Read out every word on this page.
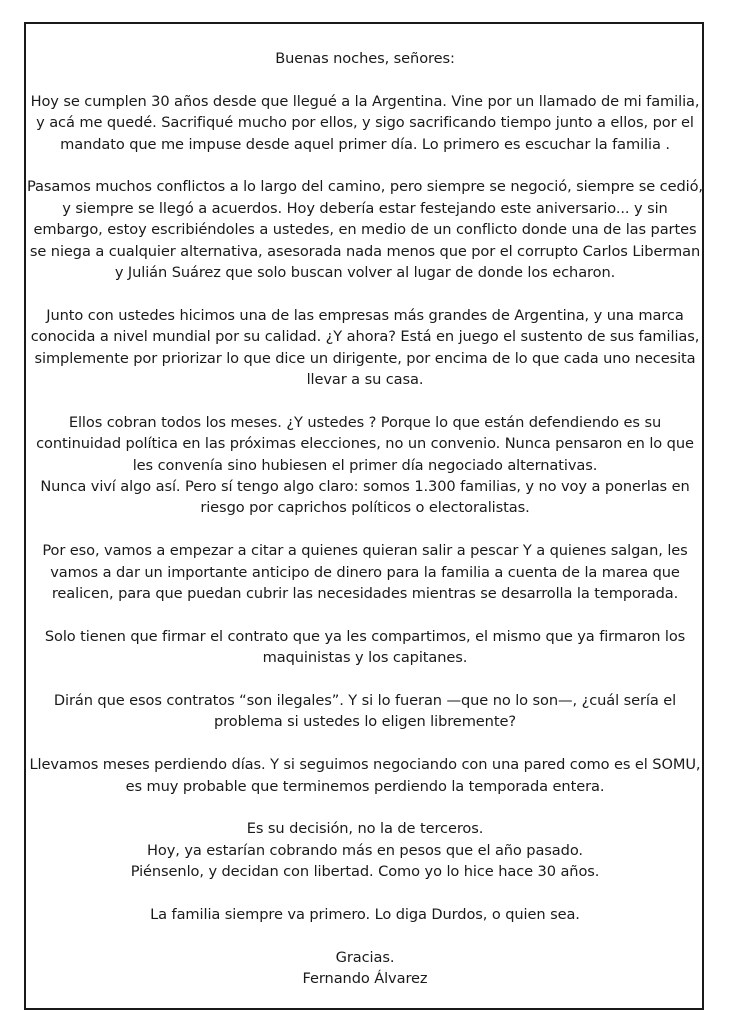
Buenas noches, señores:

Hoy se cumplen 30 años desde que llegué a la Argentina. Vine por un llamado de mi familia, y acá me quedé. Sacrifiqué mucho por ellos, y sigo sacrificando tiempo junto a ellos, por el mandato que me impuse desde aquel primer día. Lo primero es escuchar la familia .

Pasamos muchos conflictos a lo largo del camino, pero siempre se negoció, siempre se cedió, y siempre se llegó a acuerdos. Hoy debería estar festejando este aniversario... y sin embargo, estoy escribiéndoles a ustedes, en medio de un conflicto donde una de las partes se niega a cualquier alternativa, asesorada nada menos que por el corrupto Carlos Liberman y Julián Suárez que solo buscan volver al lugar de donde los echaron.

Junto con ustedes hicimos una de las empresas más grandes de Argentina, y una marca conocida a nivel mundial por su calidad. ¿Y ahora? Está en juego el sustento de sus familias, simplemente por priorizar lo que dice un dirigente, por encima de lo que cada uno necesita llevar a su casa.

Ellos cobran todos los meses. ¿Y ustedes ? Porque lo que están defendiendo es su continuidad política en las próximas elecciones, no un convenio. Nunca pensaron en lo que les convenía sino hubiesen el primer día negociado alternativas.

Nunca viví algo así. Pero sí tengo algo claro: somos 1.300 familias, y no voy a ponerlas en riesgo por caprichos políticos o electoralistas.

Por eso, vamos a empezar a citar a quienes quieran salir a pescar Y a quienes salgan, les vamos a dar un importante anticipo de dinero para la familia a cuenta de la marea que realicen, para que puedan cubrir las necesidades mientras se desarrolla la temporada.

Solo tienen que firmar el contrato que ya les compartimos, el mismo que ya firmaron los maquinistas y los capitanes.

Dirán que esos contratos “son ilegales”. Y si lo fueran —que no lo son—, ¿cuál sería el problema si ustedes lo eligen libremente?

Llevamos meses perdiendo días. Y si seguimos negociando con una pared como es el SOMU, es muy probable que terminemos perdiendo la temporada entera.

Es su decisión, no la de terceros.

Hoy, ya estarían cobrando más en pesos que el año pasado.

Piénsenlo, y decidan con libertad. Como yo lo hice hace 30 años.

La familia siempre va primero. Lo diga Durdos, o quien sea.

Gracias.

Fernando Álvarez
